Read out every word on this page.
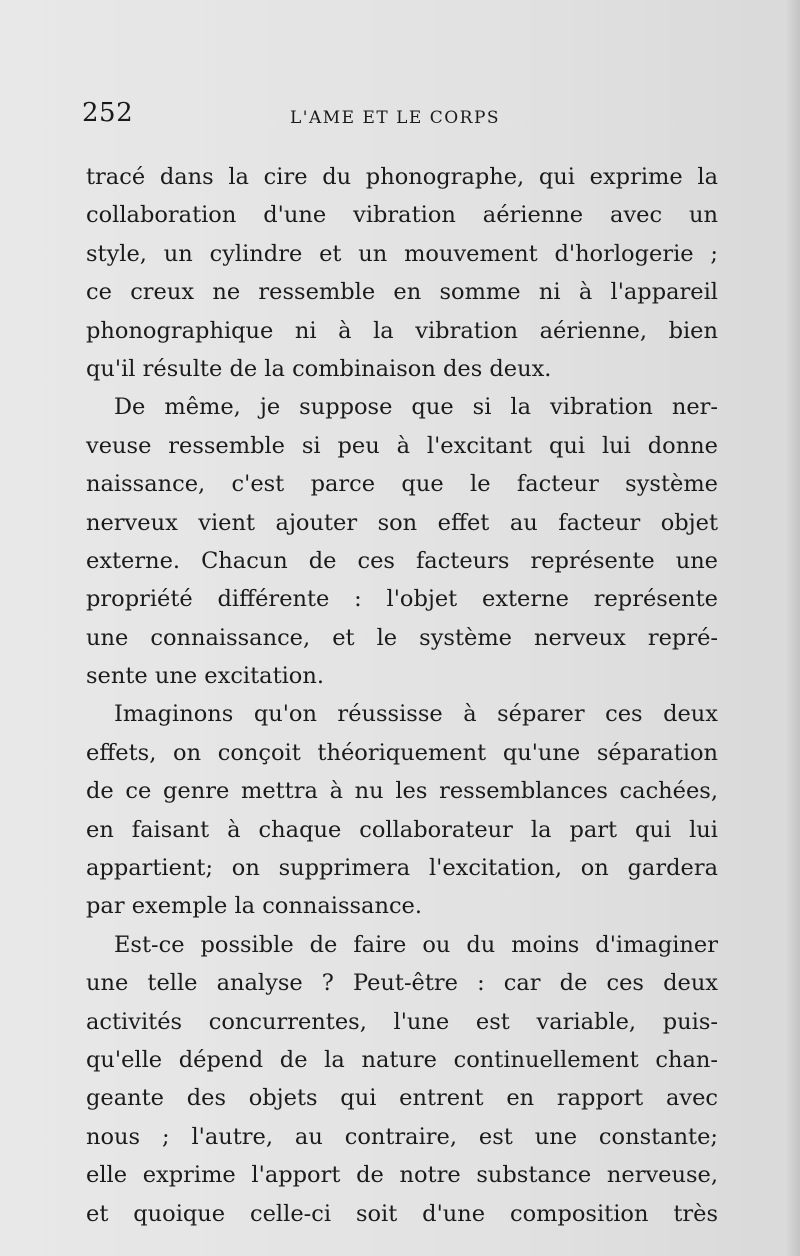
252	L'AME ET LE CORPS
tracé dans la cire du phonographe, qui exprime la
collaboration d'une vibration aérienne avec un
style, un cylindre et un mouvement d'horlogerie ;
ce creux ne ressemble en somme ni à l'appareil
phonographique ni à la vibration aérienne, bien
qu'il résulte de la combinaison des deux.
De même, je suppose que si la vibration ner-
veuse ressemble si peu à l'excitant qui lui donne
naissance, c'est parce que le facteur système
nerveux vient ajouter son effet au facteur objet
externe. Chacun de ces facteurs représente une
propriété différente : l'objet externe représente
une connaissance, et le système nerveux repré-
sente une excitation.
Imaginons qu'on réussisse à séparer ces deux
effets, on conçoit théoriquement qu'une séparation
de ce genre mettra à nu les ressemblances cachées,
en faisant à chaque collaborateur la part qui lui
appartient; on supprimera l'excitation, on gardera
par exemple la connaissance.
Est-ce possible de faire ou du moins d'imaginer
une telle analyse ? Peut-être : car de ces deux
activités concurrentes, l'une est variable, puis-
qu'elle dépend de la nature continuellement chan-
geante des objets qui entrent en rapport avec
nous ; l'autre, au contraire, est une constante;
elle exprime l'apport de notre substance nerveuse,
et quoique celle-ci soit d'une composition très
